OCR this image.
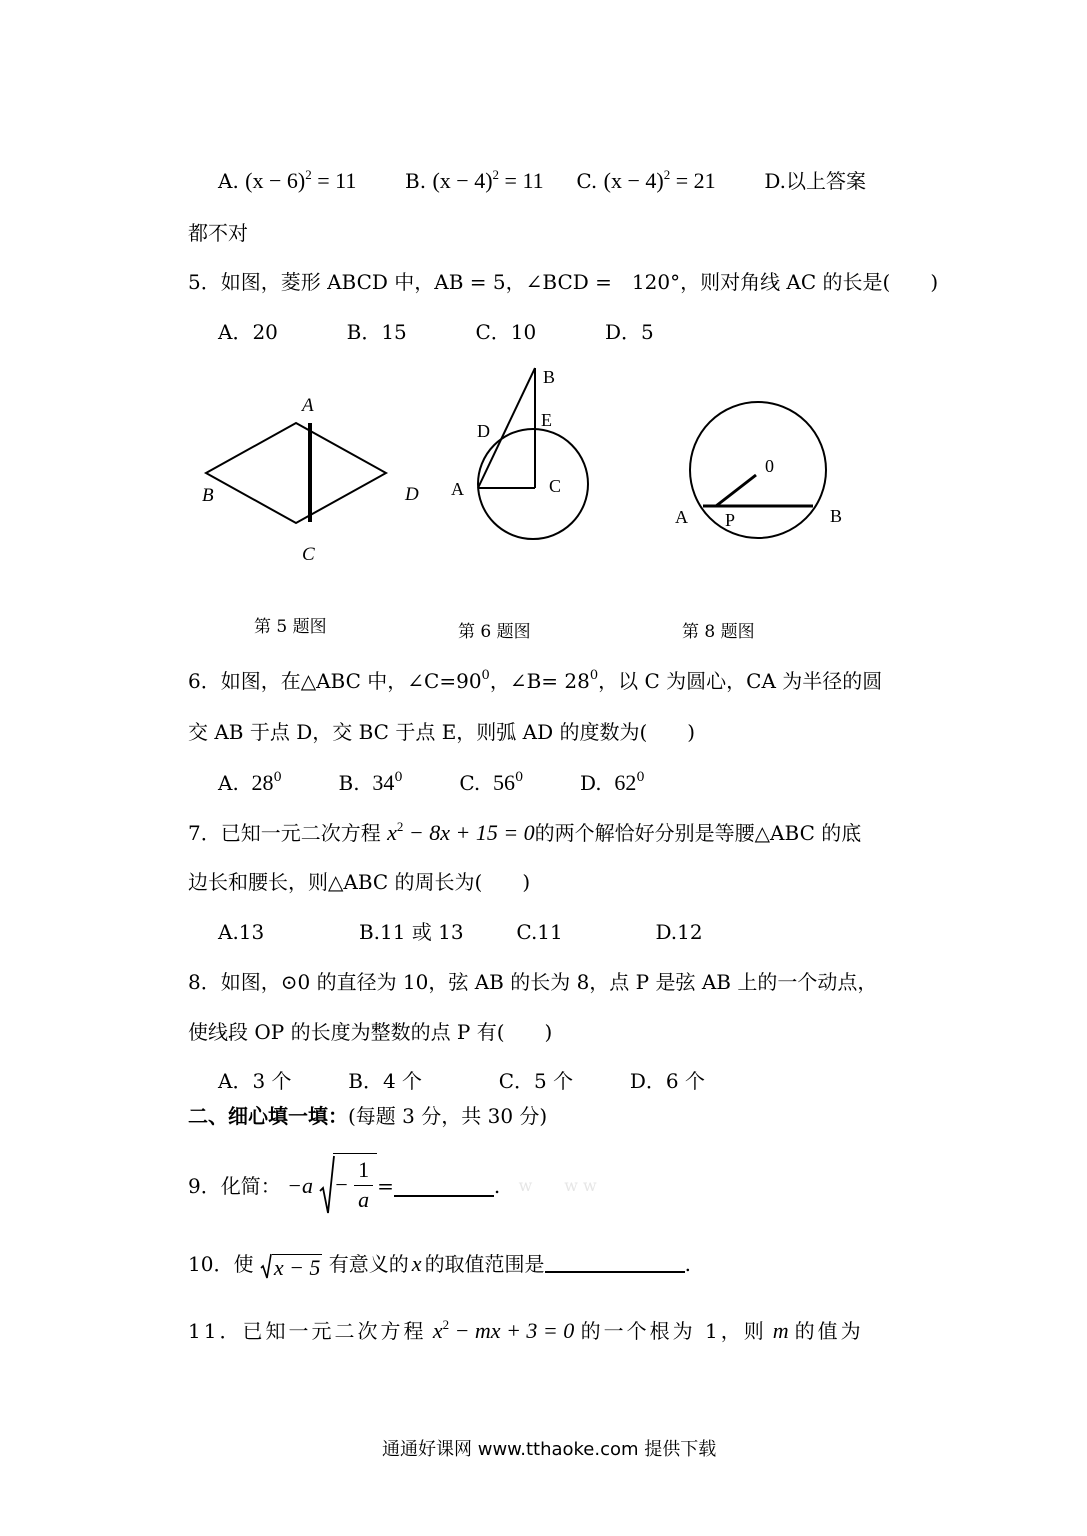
A. $(x - 6)^2 = 11$ B. $(x - 4)^2 = 11$ C. $(x - 4)^2 = 21$ D.以上答案
都不对
5．如图，菱形 ABCD 中，AB = 5，∠BCD =　120°，则对角线 AC 的长是(　　)
A．20	B．15	C．10	D．5
A
B
C
D A
B
C
D
E
0
A	B
P
第 5 题图	第 6 题图	第 8 题图
6．如图，在△ABC 中，$\angle C=90^0$，∠B= $28^0$，以 C 为圆心，CA 为半径的圆
交 AB 于点 D，交 BC 于点 E，则弧 AD 的度数为(　　)
A. $28^0$	B. $34^0$	C. $56^0$	D. $62^0$
7．已知一元二次方程 $x^2 - 8x + 15 = 0$的两个解恰好分别是等腰△ABC 的底
边长和腰长，则△ABC 的周长为(　　)
A.13	B.11 或 13	C.11	D.12
8．如图，⊙0 的直径为 10，弦 AB 的长为 8，点 P 是弦 AB 上的一个动点，
使线段 OP 的长度为整数的点 P 有(　　)
A．3 个	B．4 个	C．5 个	D．6 个
二、细心填一填：(每题 3 分，共 30 分)
9．化简： $-a - \frac{1}{a}$ =	. w　　w w
10．使 x − 5 有意义的 x 的取值范围是	.
11．已知一元二次方程 $x^2$ − mx + 3 = 0 的一个根为 1，则 m 的值为
通通好课网 www.tthaoke.com 提供下载
